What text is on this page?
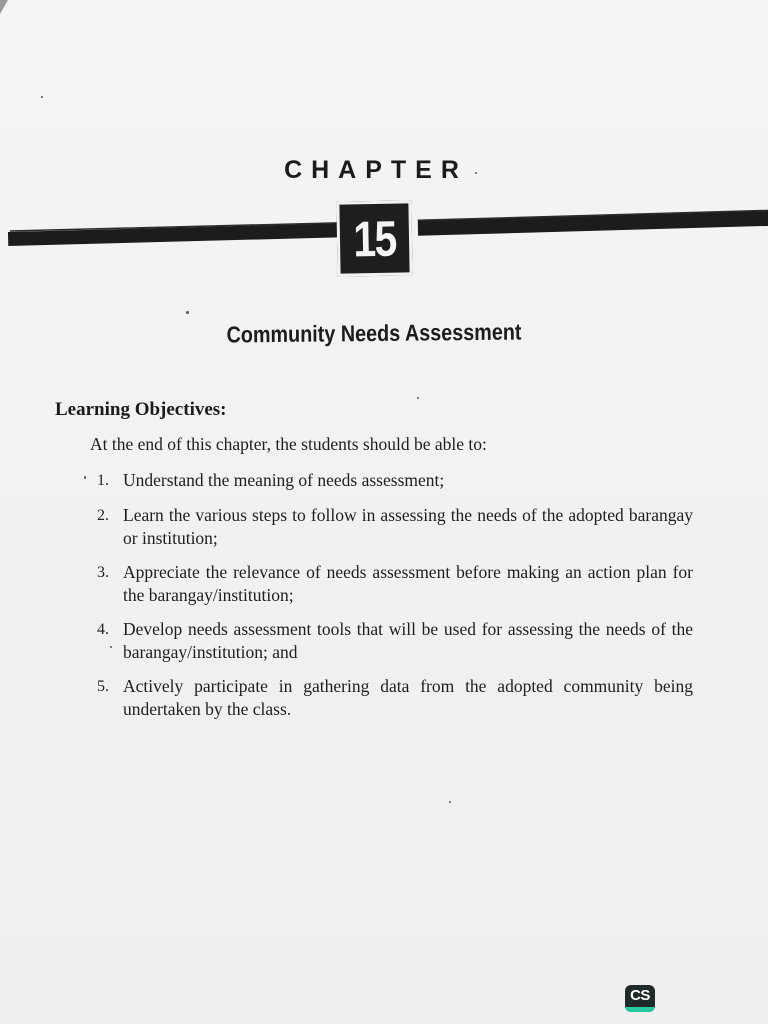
CHAPTER
15
Community Needs Assessment
Learning Objectives:
At the end of this chapter, the students should be able to:
1. Understand the meaning of needs assessment;
2. Learn the various steps to follow in assessing the needs of the adopted barangay or institution;
3. Appreciate the relevance of needs assessment before making an action plan for the barangay/institution;
4. Develop needs assessment tools that will be used for assessing the needs of the barangay/institution; and
5. Actively participate in gathering data from the adopted community being undertaken by the class.
CS
